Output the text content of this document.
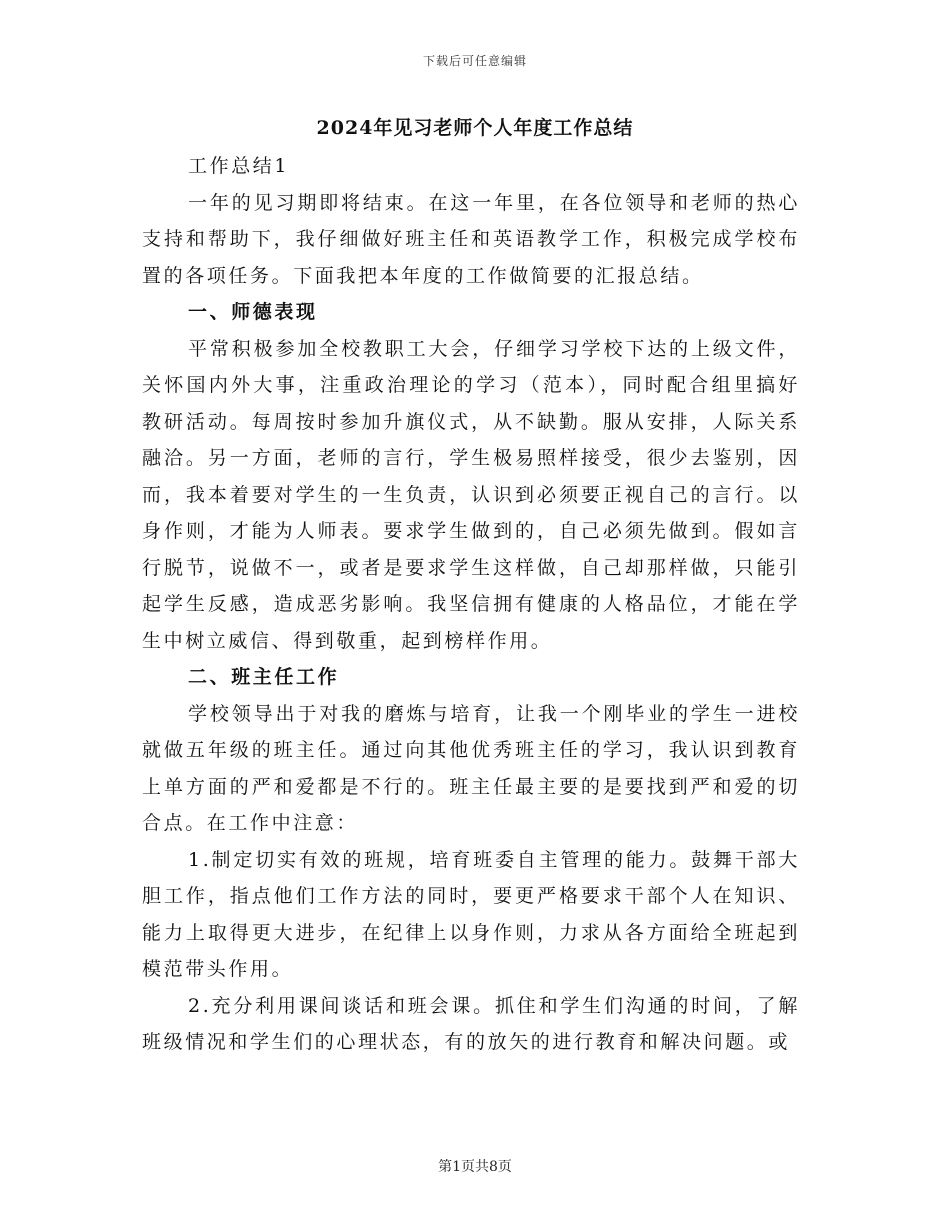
下载后可任意编辑
2024年见习老师个人年度工作总结

工作总结1

一年的见习期即将结束。在这一年里，在各位领导和老师的热心支持和帮助下，我仔细做好班主任和英语教学工作，积极完成学校布置的各项任务。下面我把本年度的工作做简要的汇报总结。

一、师德表现

平常积极参加全校教职工大会，仔细学习学校下达的上级文件，关怀国内外大事，注重政治理论的学习（范本），同时配合组里搞好教研活动。每周按时参加升旗仪式，从不缺勤。服从安排，人际关系融洽。另一方面，老师的言行，学生极易照样接受，很少去鉴别，因而，我本着要对学生的一生负责，认识到必须要正视自己的言行。以身作则，才能为人师表。要求学生做到的，自己必须先做到。假如言行脱节，说做不一，或者是要求学生这样做，自己却那样做，只能引起学生反感，造成恶劣影响。我坚信拥有健康的人格品位，才能在学生中树立威信、得到敬重，起到榜样作用。

二、班主任工作

学校领导出于对我的磨炼与培育，让我一个刚毕业的学生一进校就做五年级的班主任。通过向其他优秀班主任的学习，我认识到教育上单方面的严和爱都是不行的。班主任最主要的是要找到严和爱的切合点。在工作中注意：

1.制定切实有效的班规，培育班委自主管理的能力。鼓舞干部大胆工作，指点他们工作方法的同时，要更严格要求干部个人在知识、能力上取得更大进步，在纪律上以身作则，力求从各方面给全班起到模范带头作用。

2.充分利用课间谈话和班会课。抓住和学生们沟通的时间，了解班级情况和学生们的心理状态，有的放矢的进行教育和解决问题。或

第1页共8页
